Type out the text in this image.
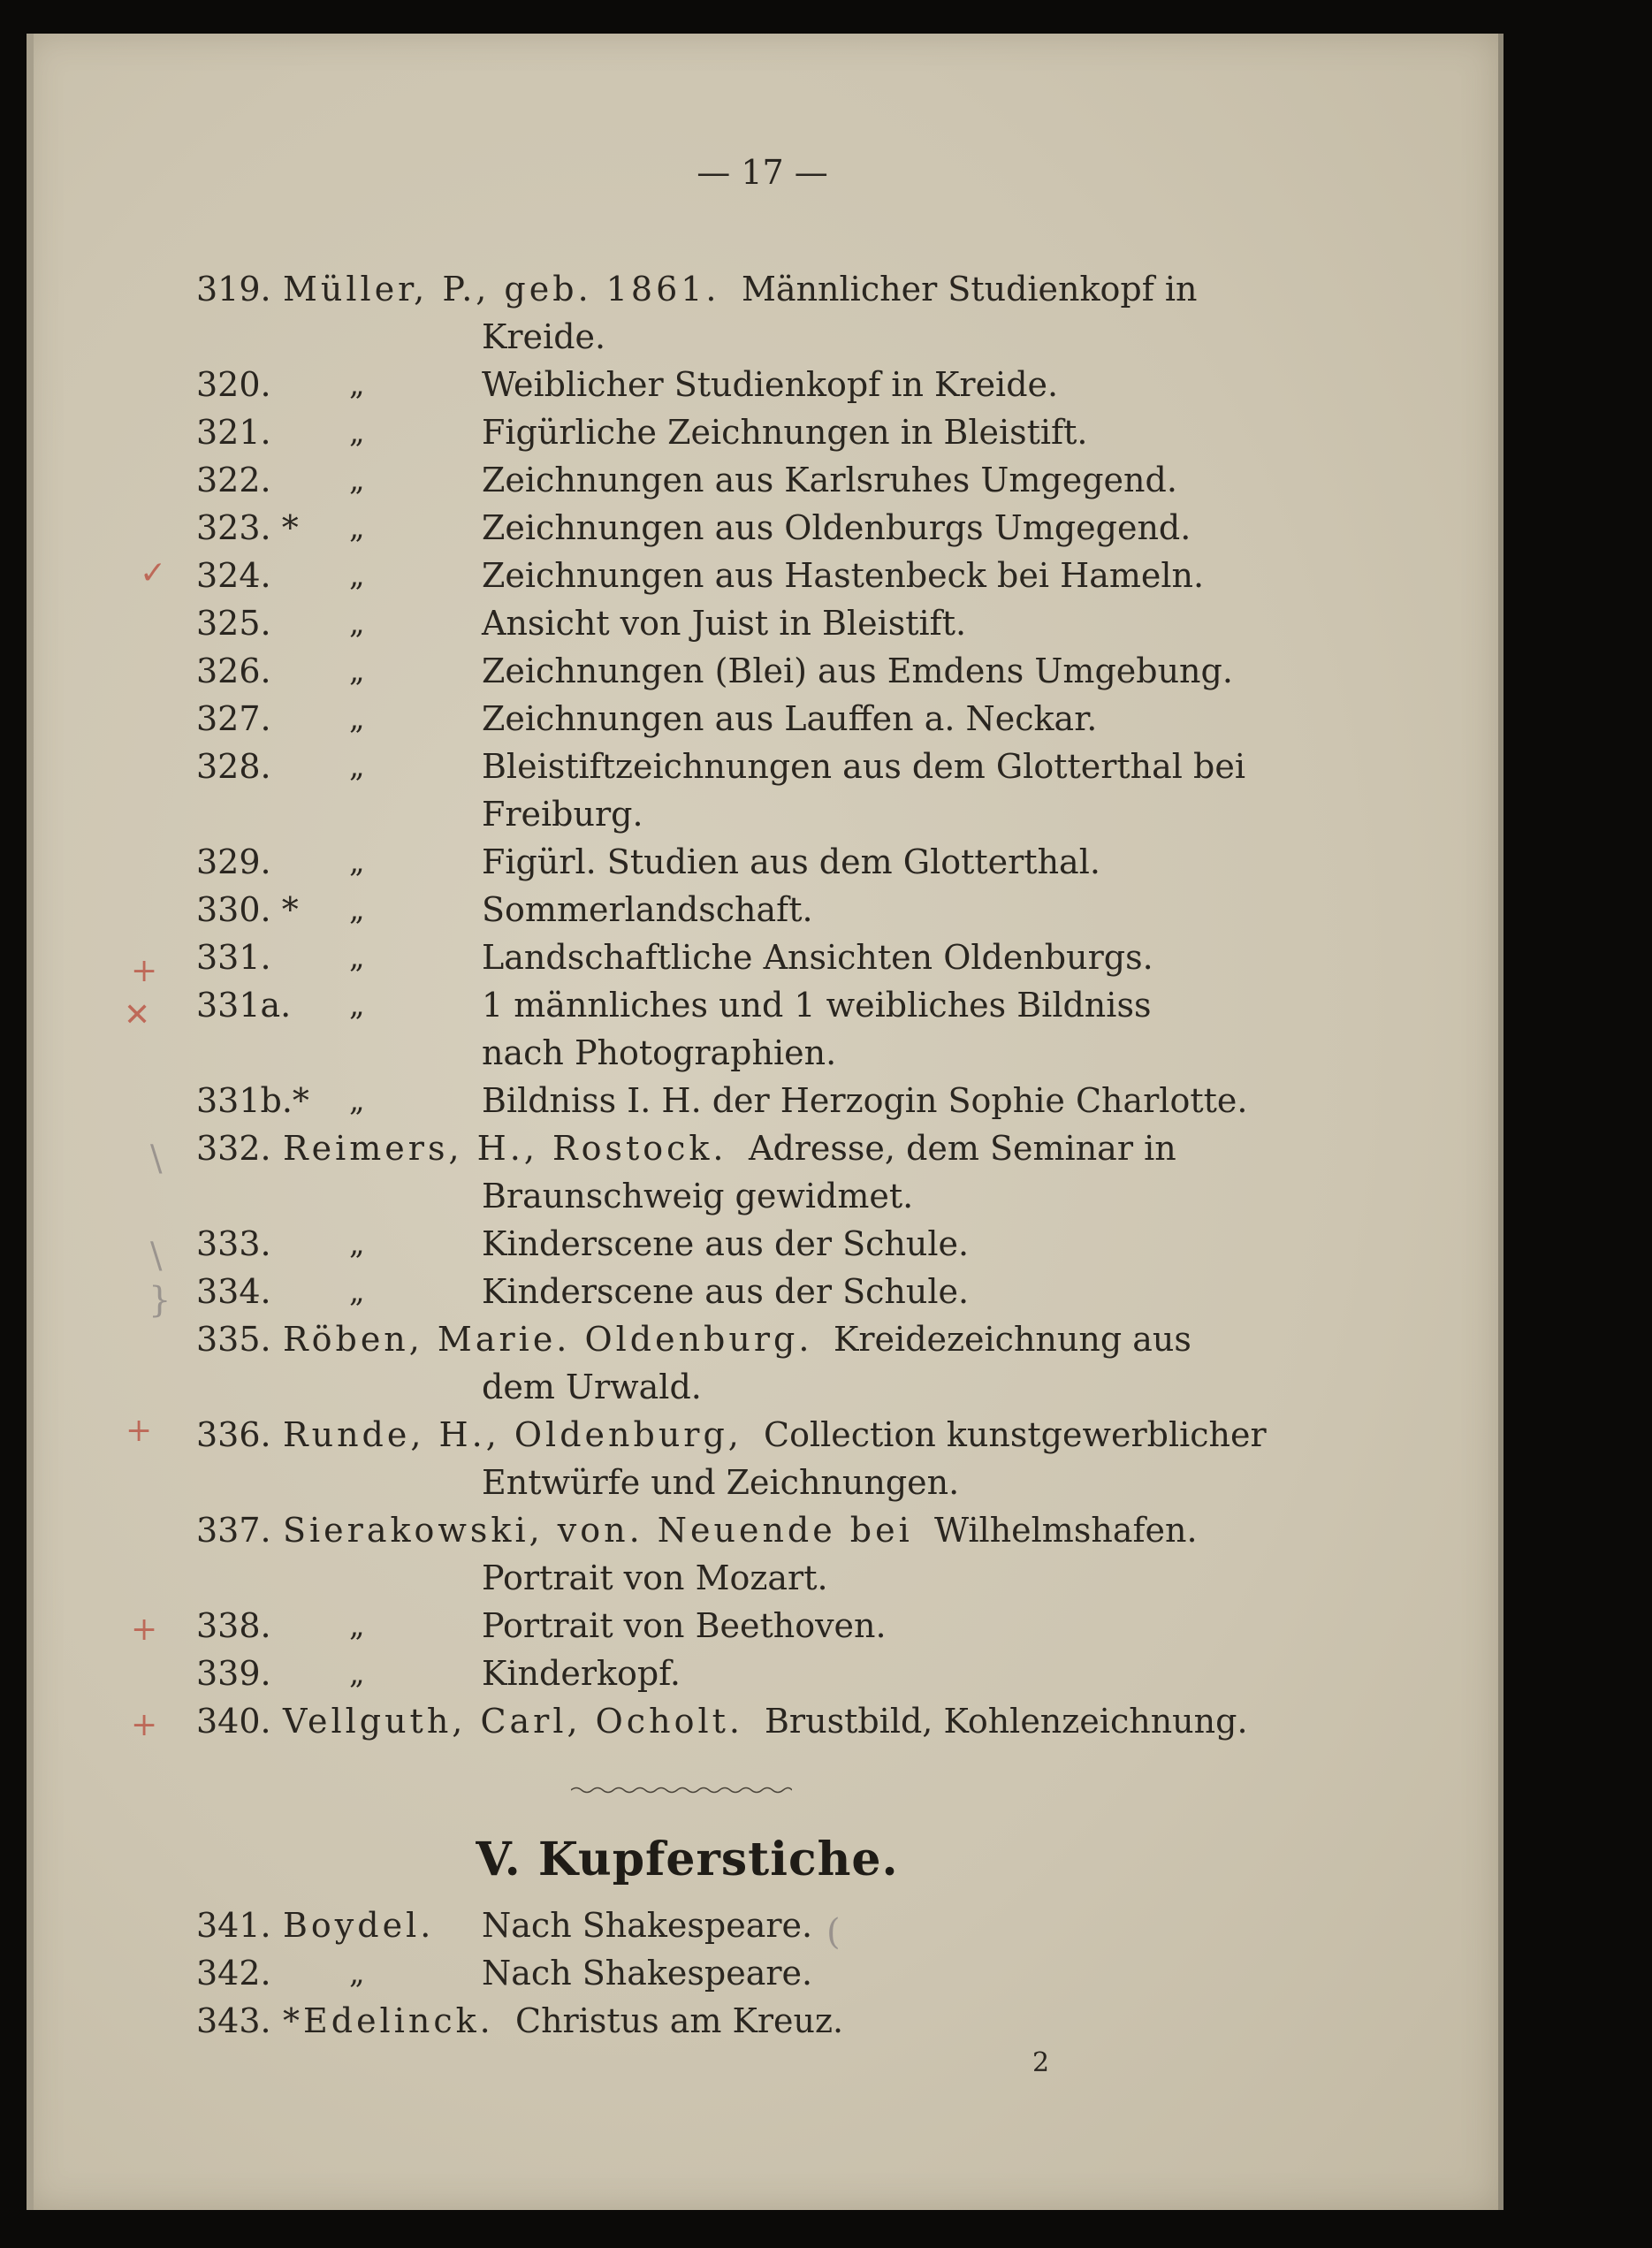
— 17 —
319. Müller, P., geb. 1861. Männlicher Studienkopf in
Kreide.
320.	„	Weiblicher Studienkopf in Kreide.
321.	„	Figürliche Zeichnungen in Bleistift.
322.	„	Zeichnungen aus Karlsruhes Umgegend.
323. * „	Zeichnungen aus Oldenburgs Umgegend.
324.	„	Zeichnungen aus Hastenbeck bei Hameln.
325.	„	Ansicht von Juist in Bleistift.
326.	„	Zeichnungen (Blei) aus Emdens Umgebung.
327.	„	Zeichnungen aus Lauffen a. Neckar.
328.	„	Bleistiftzeichnungen aus dem Glotterthal bei
Freiburg.
329.	„	Figürl. Studien aus dem Glotterthal.
330. * „	Sommerlandschaft.
331.	„	Landschaftliche Ansichten Oldenburgs.
331a. „	1 männliches und 1 weibliches Bildniss
nach Photographien.
331b.* „	Bildniss I. H. der Herzogin Sophie Charlotte.
332. Reimers, H., Rostock. Adresse, dem Seminar in
Braunschweig gewidmet.
333.	„	Kinderscene aus der Schule.
334.	„	Kinderscene aus der Schule.
335. Röben, Marie. Oldenburg. Kreidezeichnung aus
dem Urwald.
336. Runde, H., Oldenburg, Collection kunstgewerblicher
Entwürfe und Zeichnungen.
337. Sierakowski, von. Neuende bei Wilhelmshafen.
Portrait von Mozart.
338.	„	Portrait von Beethoven.
339.	„	Kinderkopf.
340. Vellguth, Carl, Ocholt. Brustbild, Kohlenzeichnung.
V. Kupferstiche.
341. Boydel. Nach Shakespeare.
342.	„	Nach Shakespeare.
343. *Edelinck. Christus am Kreuz.
2
✓
+
✕
+
+
+
\
\
}
(
